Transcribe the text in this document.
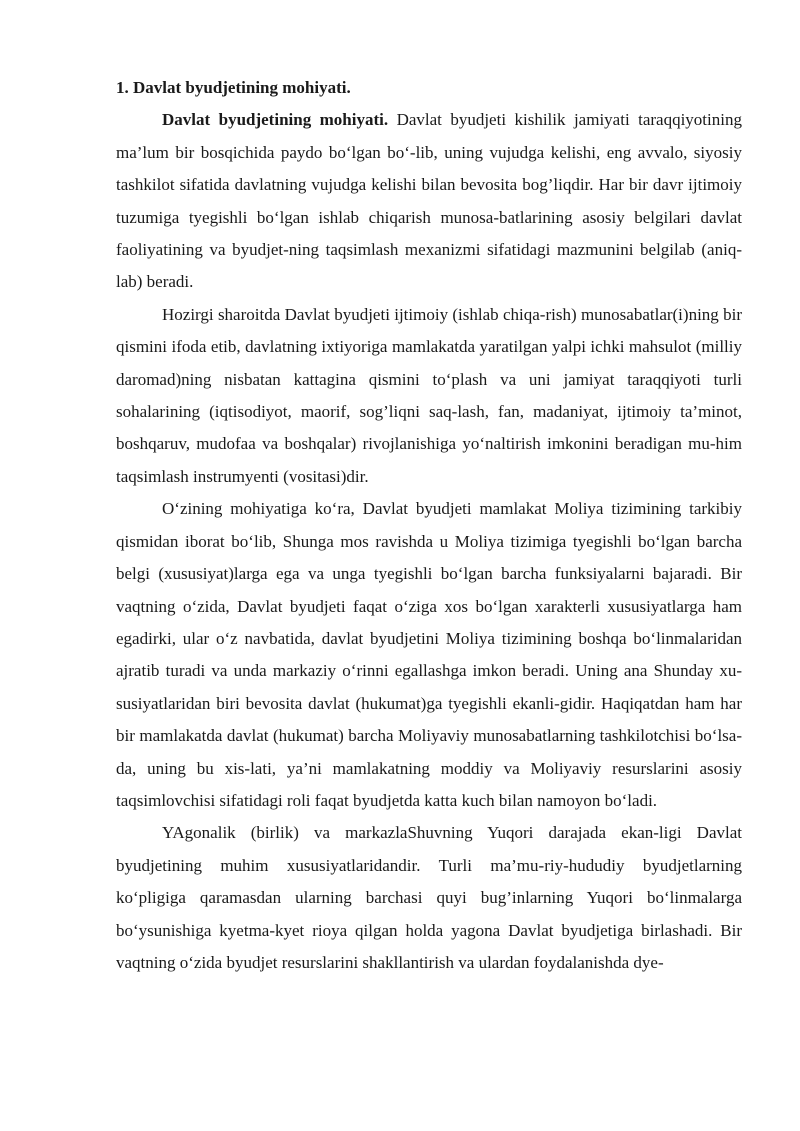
1. Davlat byudjetining mohiyati.

Davlat byudjetining mohiyati. Davlat byudjeti kishilik jamiyati taraqqiyotining ma’lum bir bosqichida paydo bo‘lgan bo‘-lib, uning vujudga kelishi, eng avvalo, siyosiy tashkilot sifatida davlatning vujudga kelishi bilan bevosita bog’liqdir. Har bir davr ijtimoiy tuzumiga tyegishli bo‘lgan ishlab chiqarish munosa-batlarining asosiy belgilari davlat faoliyatining va byudjet-ning taqsimlash mexanizmi sifatidagi mazmunini belgilab (aniq-lab) beradi.

Hozirgi sharoitda Davlat byudjeti ijtimoiy (ishlab chiqa-rish) munosabatlar(i)ning bir qismini ifoda etib, davlatning ixtiyoriga mamlakatda yaratilgan yalpi ichki mahsulot (milliy daromad)ning nisbatan kattagina qismini to‘plash va uni jamiyat taraqqiyoti turli sohalarining (iqtisodiyot, maorif, sog’liqni saq-lash, fan, madaniyat, ijtimoiy ta’minot, boshqaruv, mudofaa va boshqalar) rivojlanishiga yo‘naltirish imkonini beradigan mu-him taqsimlash instrumyenti (vositasi)dir.

O‘zining mohiyatiga ko‘ra, Davlat byudjeti mamlakat Moliya tizimining tarkibiy qismidan iborat bo‘lib, Shunga mos ravishda u Moliya tizimiga tyegishli bo‘lgan barcha belgi (xususiyat)larga ega va unga tyegishli bo‘lgan barcha funksiyalarni bajaradi. Bir vaqtning o‘zida, Davlat byudjeti faqat o‘ziga xos bo‘lgan xarakterli xususiyatlarga ham egadirki, ular o‘z navbatida, davlat byudjetini Moliya tizimining boshqa bo‘linmalaridan ajratib turadi va unda markaziy o‘rinni egallashga imkon beradi. Uning ana Shunday xu-susiyatlaridan biri bevosita davlat (hukumat)ga tyegishli ekanli-gidir. Haqiqatdan ham har bir mamlakatda davlat (hukumat) barcha Moliyaviy munosabatlarning tashkilotchisi bo‘lsa-da, uning bu xis-lati, ya’ni mamlakatning moddiy va Moliyaviy resurslarini asosiy taqsimlovchisi sifatidagi roli faqat byudjetda katta kuch bilan namoyon bo‘ladi.

YAgonalik (birlik) va markazlaShuvning Yuqori darajada ekan-ligi Davlat byudjetining muhim xususiyatlaridandir. Turli ma’mu-riy-hududiy byudjetlarning ko‘pligiga qaramasdan ularning barchasi quyi bug’inlarning Yuqori bo‘linmalarga bo‘ysunishiga kyetma-kyet rioya qilgan holda yagona Davlat byudjetiga birlashadi. Bir vaqtning o‘zida byudjet resurslarini shakllantirish va ulardan foydalanishda dye-
